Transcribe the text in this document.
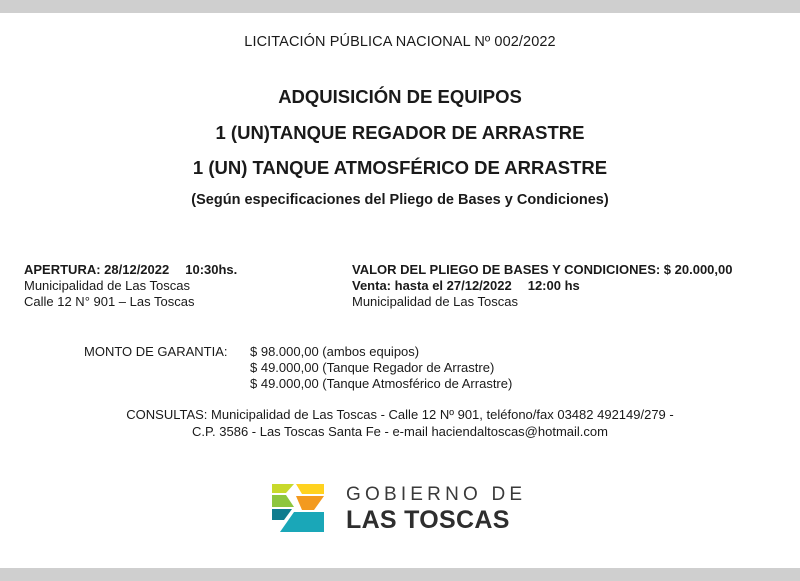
LICITACIÓN PÚBLICA NACIONAL Nº 002/2022
ADQUISICIÓN DE EQUIPOS
1 (UN)TANQUE REGADOR DE ARRASTRE
1 (UN) TANQUE ATMOSFÉRICO DE ARRASTRE
(Según especificaciones del Pliego de Bases y Condiciones)
APERTURA: 28/12/2022 10:30hs.
Municipalidad de Las Toscas
Calle 12 N° 901 – Las Toscas
VALOR DEL PLIEGO DE BASES Y CONDICIONES: $ 20.000,00
Venta: hasta el 27/12/2022 12:00 hs
Municipalidad de Las Toscas
MONTO DE GARANTIA: $ 98.000,00 (ambos equipos)
$ 49.000,00 (Tanque Regador de Arrastre)
$ 49.000,00 (Tanque Atmosférico de Arrastre)
CONSULTAS: Municipalidad de Las Toscas - Calle 12 Nº 901, teléfono/fax 03482 492149/279 -
C.P. 3586 - Las Toscas Santa Fe - e-mail haciendaltoscas@hotmail.com
GOBIERNO DE
LAS TOSCAS
